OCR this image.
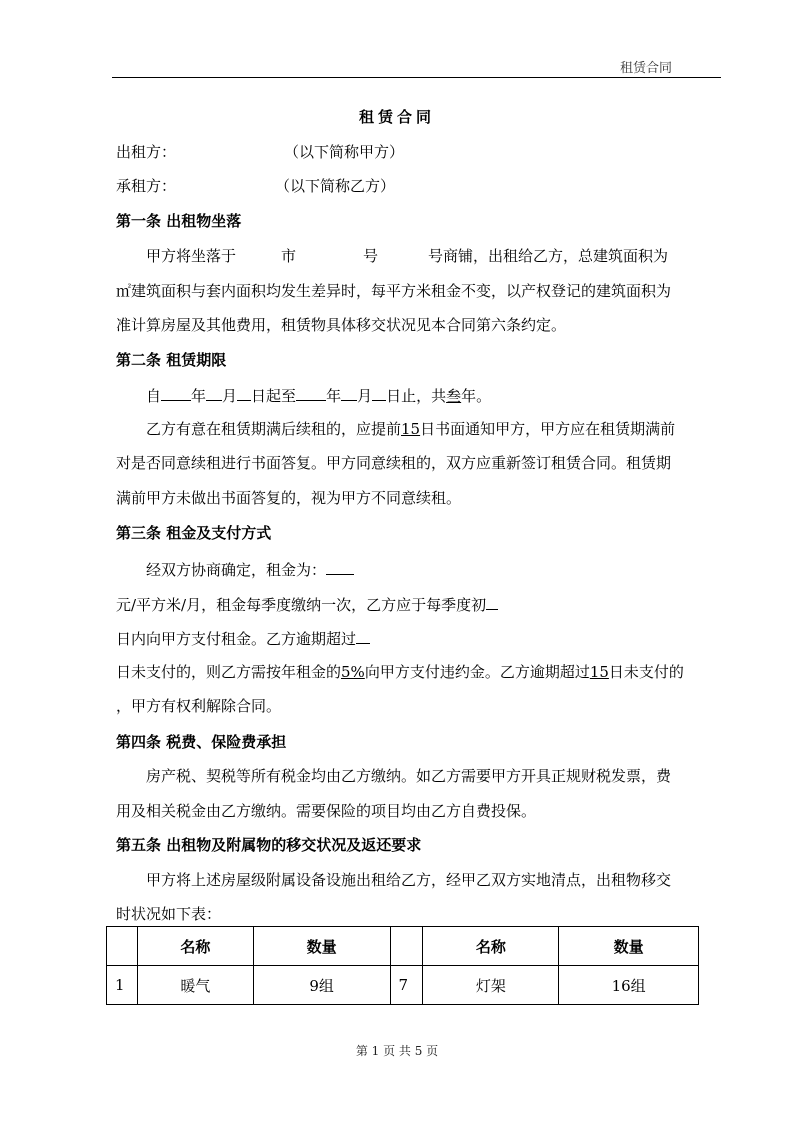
租赁合同
租赁合同
出租方：	（以下简称甲方）
承租方：	（以下简称乙方）
第一条 出租物坐落
甲方将坐落于	市	号	号商铺，出租给乙方，总建筑面积为
㎡建筑面积与套内面积均发生差异时，每平方米租金不变，以产权登记的建筑面积为
准计算房屋及其他费用，租赁物具体移交状况见本合同第六条约定。
第二条 租赁期限
自 年 月 日起至 年 月 日止，共叁年。
乙方有意在租赁期满后续租的，应提前15日书面通知甲方，甲方应在租赁期满前
对是否同意续租进行书面答复。甲方同意续租的，双方应重新签订租赁合同。租赁期
满前甲方未做出书面答复的，视为甲方不同意续租。
第三条 租金及支付方式
经双方协商确定，租金为：
元/平方米/月，租金每季度缴纳一次，乙方应于每季度初
日内向甲方支付租金。乙方逾期超过
日未支付的，则乙方需按年租金的5%向甲方支付违约金。乙方逾期超过15日未支付的
，甲方有权利解除合同。
第四条 税费、保险费承担
房产税、契税等所有税金均由乙方缴纳。如乙方需要甲方开具正规财税发票，费
用及相关税金由乙方缴纳。需要保险的项目均由乙方自费投保。
第五条 出租物及附属物的移交状况及返还要求
甲方将上述房屋级附属设备设施出租给乙方，经甲乙双方实地清点，出租物移交
时状况如下表：
	名称	数量		名称	数量
1	暖气	9组	7	灯架	16组
第 1 页 共 5 页
